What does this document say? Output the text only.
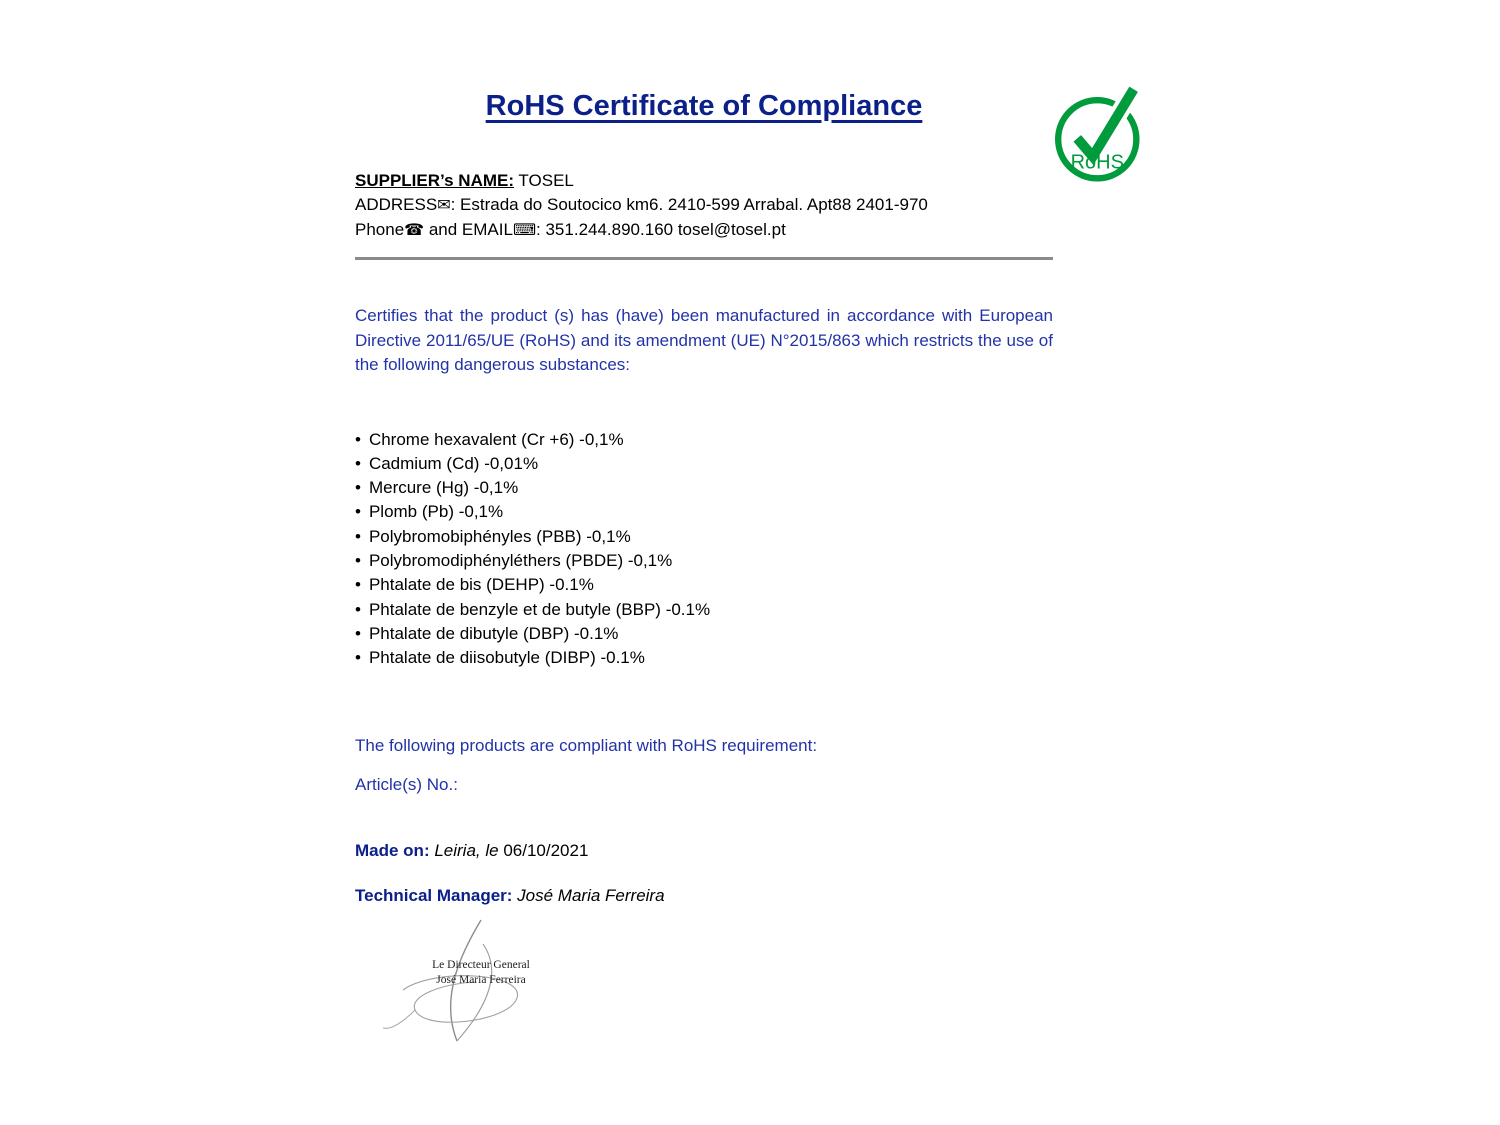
RoHS
RoHS Certificate of Compliance
SUPPLIER’s NAME: TOSEL
ADDRESS✉: Estrada do Soutocico km6. 2410-599 Arrabal. Apt88 2401-970
Phone☎ and EMAIL⌨: 351.244.890.160 tosel@tosel.pt

Certifies that the product (s) has (have) been manufactured in accordance with European Directive 2011/65/UE (RoHS) and its amendment (UE) N°2015/863 which restricts the use of the following dangerous substances:

• Chrome hexavalent (Cr +6) -0,1%
• Cadmium (Cd) -0,01%
• Mercure (Hg) -0,1%
• Plomb (Pb) -0,1%
• Polybromobiphényles (PBB) -0,1%
• Polybromodiphényléthers (PBDE) -0,1%
• Phtalate de bis (DEHP) -0.1%
• Phtalate de benzyle et de butyle (BBP) -0.1%
• Phtalate de dibutyle (DBP) -0.1%
• Phtalate de diisobutyle (DIBP) -0.1%
The following products are compliant with RoHS requirement:
Article(s) No.:
Made on: Leiria, le 06/10/2021
Technical Manager: José Maria Ferreira
Le Directeur General
José Maria Ferreira
